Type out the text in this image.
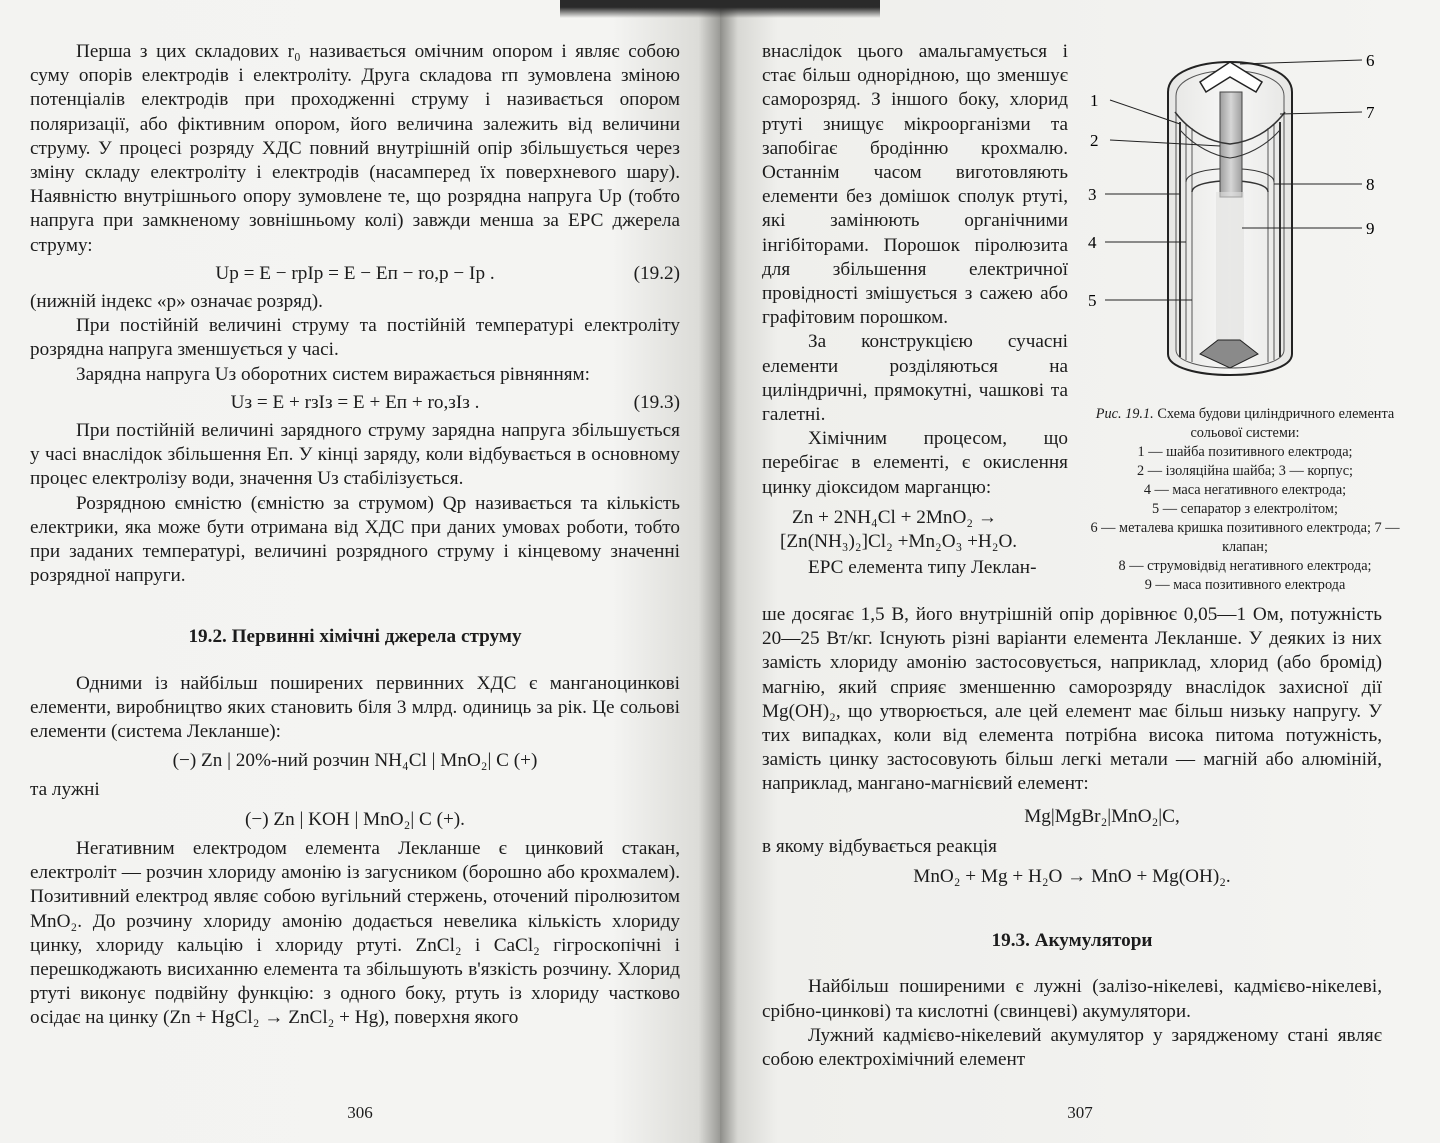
Перша з цих складових r₀ називається омічним опором і являє собою суму опорів електродів і електроліту. Друга складова rп зумовлена зміною потенціалів електродів при проходженні струму і називається опором поляризації, або фіктивним опором, його величина залежить від величини струму. У процесі розряду ХДС повний внутрішній опір збільшується через зміну складу електроліту і електродів (насамперед їх поверхневого шару). Наявністю внутрішнього опору зумовлене те, що розрядна напруга Uр (тобто напруга при замкненому зовнішньому колі) завжди менша за ЕРС джерела струму:

Uр = E − rрIр = E − Eп − rо,р − Iр .	(19.2)

(нижній індекс «р» означає розряд).

При постійній величині струму та постійній температурі електроліту розрядна напруга зменшується у часі.

Зарядна напруга Uз оборотних систем виражається рівнянням:

Uз = E + rзIз = E + Eп + rо,зIз .	(19.3)

При постійній величині зарядного струму зарядна напруга збільшується у часі внаслідок збільшення Eп. У кінці заряду, коли відбувається в основному процес електролізу води, значення Uз стабілізується.

Розрядною ємністю (ємністю за струмом) Qр називається та кількість електрики, яка може бути отримана від ХДС при даних умовах роботи, тобто при заданих температурі, величині розрядного струму і кінцевому значенні розрядної напруги.

19.2. Первинні хімічні джерела струму

Одними із найбільш поширених первинних ХДС є манганоцинкові елементи, виробництво яких становить біля 3 млрд. одиниць за рік. Це сольові елементи (система Лекланше):

(−) Zn | 20%-ний розчин NH₄Cl | MnO₂| C (+)

та лужні

(−) Zn | KOH | MnO₂| C (+).

Негативним електродом елемента Лекланше є цинковий стакан, електроліт — розчин хлориду амонію із загусником (борошно або крохмалем). Позитивний електрод являє собою вугільний стержень, оточений піролюзитом MnO₂. До розчину хлориду амонію додається невелика кількість хлориду цинку, хлориду кальцію і хлориду ртуті. ZnCl₂ і CaCl₂ гігроскопічні і перешкоджають висиханню елемента та збільшують в'язкість розчину. Хлорид ртуті виконує подвійну функцію: з одного боку, ртуть із хлориду частково осідає на цинку (Zn + HgCl₂ → ZnCl₂ + Hg), поверхня якого

306

внаслідок цього амальгамується і стає більш однорідною, що зменшує саморозряд. З іншого боку, хлорид ртуті знищує мікроорганізми та запобігає бродінню крохмалю. Останнім часом виготовляють елементи без домішок сполук ртуті, які замінюють органічними інгібіторами. Порошок піролюзита для збільшення електричної провідності змішується з сажею або графітовим порошком.

За конструкцією сучасні елементи розділяються на циліндричні, прямокутні, чашкові та галетні.

Хімічним процесом, що перебігає в елементі, є окислення цинку діоксидом марганцю:

Zn + 2NH₄Cl + 2MnO₂ →

[Zn(NH₃)₂]Cl₂ +Mn₂O₃ +H₂O.

ЕРС елемента типу Леклан-

1
2
3
4
5
6
7
8
9
Рис. 19.1. Схема будови циліндричного елемента сольової системи:
1 — шайба позитивного електрода;
2 — ізоляційна шайба; 3 — корпус;
4 — маса негативного електрода;
5 — сепаратор з електролітом;
6 — металева кришка позитивного електрода; 7 — клапан;
8 — струмовідвід негативного електрода;
9 — маса позитивного електрода

ше досягає 1,5 В, його внутрішній опір дорівнює 0,05—1 Ом, потужність 20—25 Вт/кг. Існують різні варіанти елемента Лекланше. У деяких із них замість хлориду амонію застосовується, наприклад, хлорид (або бромід) магнію, який сприяє зменшенню саморозряду внаслідок захисної дії Mg(OH)₂, що утворюється, але цей елемент має більш низьку напругу. У тих випадках, коли від елемента потрібна висока питома потужність, замість цинку застосовують більш легкі метали — магній або алюміній, наприклад, мангано-магнієвий елемент:

Mg|MgBr₂|MnO₂|C,

в якому відбувається реакція

MnO₂ + Mg + H₂O → MnO + Mg(OH)₂.

19.3. Акумулятори

Найбільш поширеними є лужні (залізо-нікелеві, кадмієво-нікелеві, срібно-цинкові) та кислотні (свинцеві) акумулятори.

Лужний кадмієво-нікелевий акумулятор у зарядженому стані являє собою електрохімічний елемент

307
